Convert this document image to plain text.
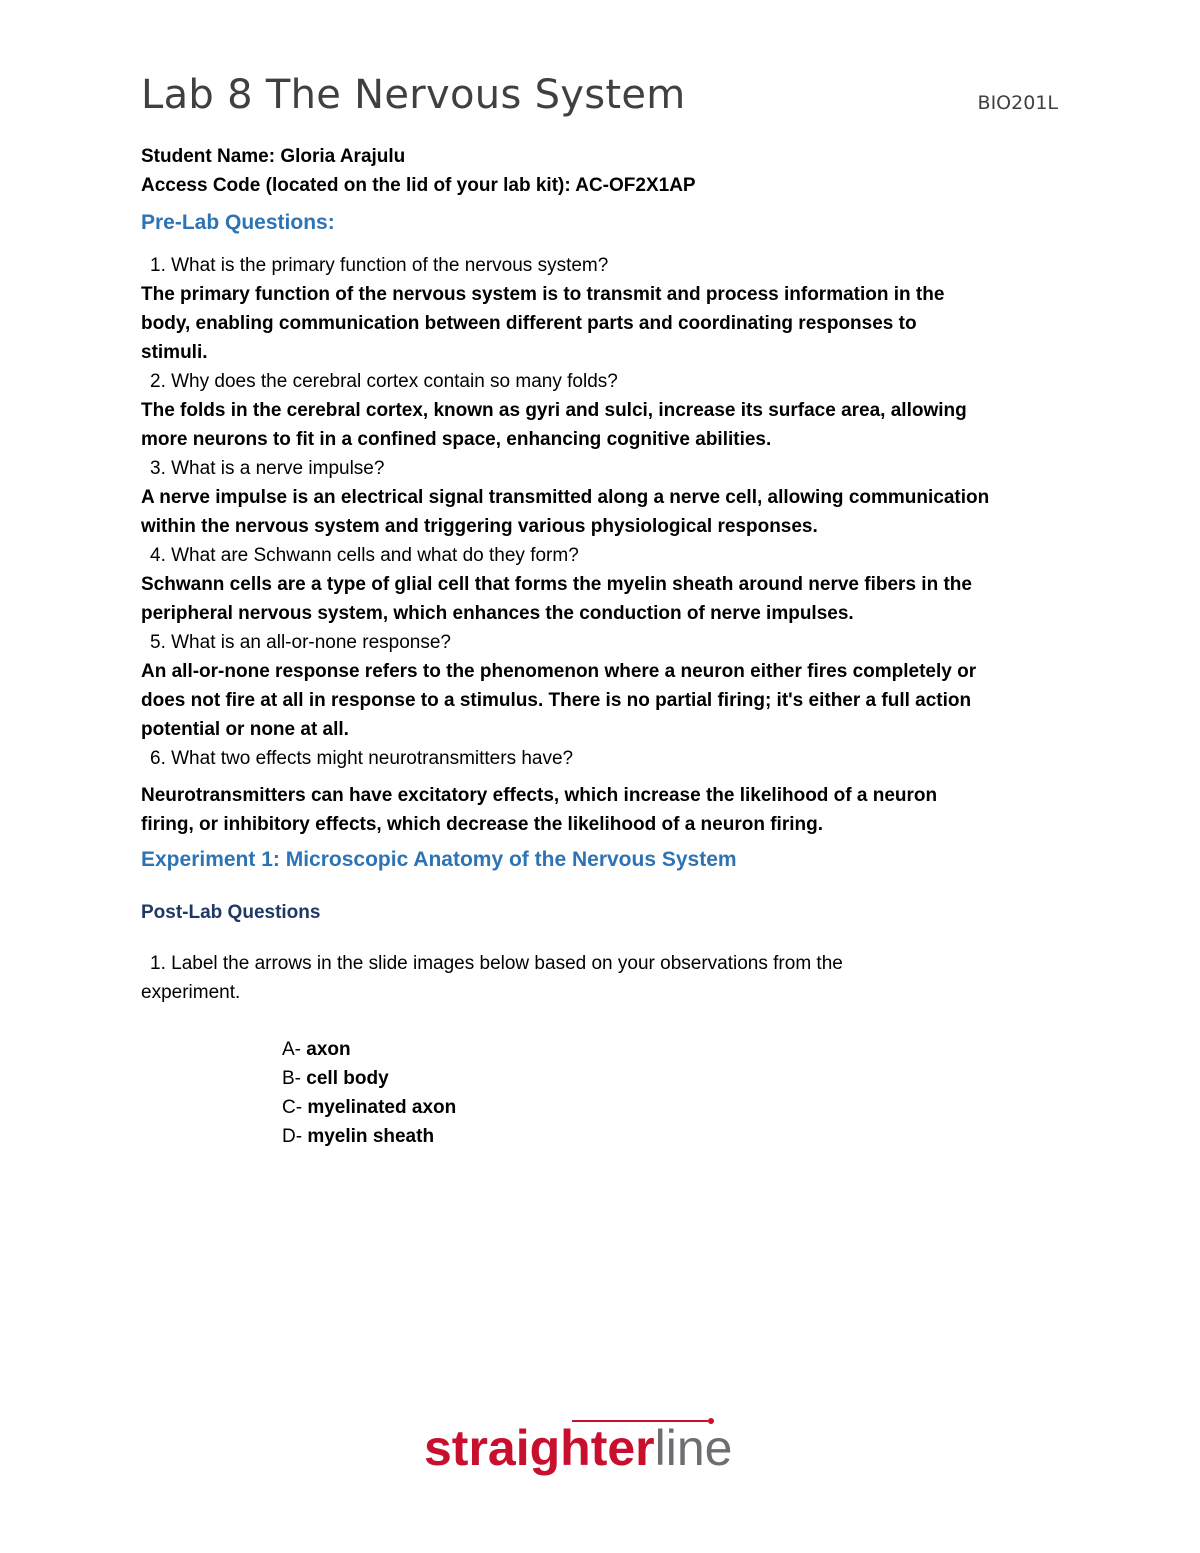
Lab 8 The Nervous System	BIO201L
Student Name: Gloria Arajulu
Access Code (located on the lid of your lab kit): AC-OF2X1AP
Pre-Lab Questions:
1. What is the primary function of the nervous system?
The primary function of the nervous system is to transmit and process information in the
body, enabling communication between different parts and coordinating responses to
stimuli.
2. Why does the cerebral cortex contain so many folds?
The folds in the cerebral cortex, known as gyri and sulci, increase its surface area, allowing
more neurons to fit in a confined space, enhancing cognitive abilities.
3. What is a nerve impulse?
A nerve impulse is an electrical signal transmitted along a nerve cell, allowing communication
within the nervous system and triggering various physiological responses.
4. What are Schwann cells and what do they form?
Schwann cells are a type of glial cell that forms the myelin sheath around nerve fibers in the
peripheral nervous system, which enhances the conduction of nerve impulses.
5. What is an all-or-none response?
An all-or-none response refers to the phenomenon where a neuron either fires completely or
does not fire at all in response to a stimulus. There is no partial firing; it's either a full action
potential or none at all.
6. What two effects might neurotransmitters have?
Neurotransmitters can have excitatory effects, which increase the likelihood of a neuron
firing, or inhibitory effects, which decrease the likelihood of a neuron firing.
Experiment 1: Microscopic Anatomy of the Nervous System
Post-Lab Questions
1. Label the arrows in the slide images below based on your observations from the
experiment.
A- axon
B- cell body
C- myelinated axon
D- myelin sheath
straighterline
